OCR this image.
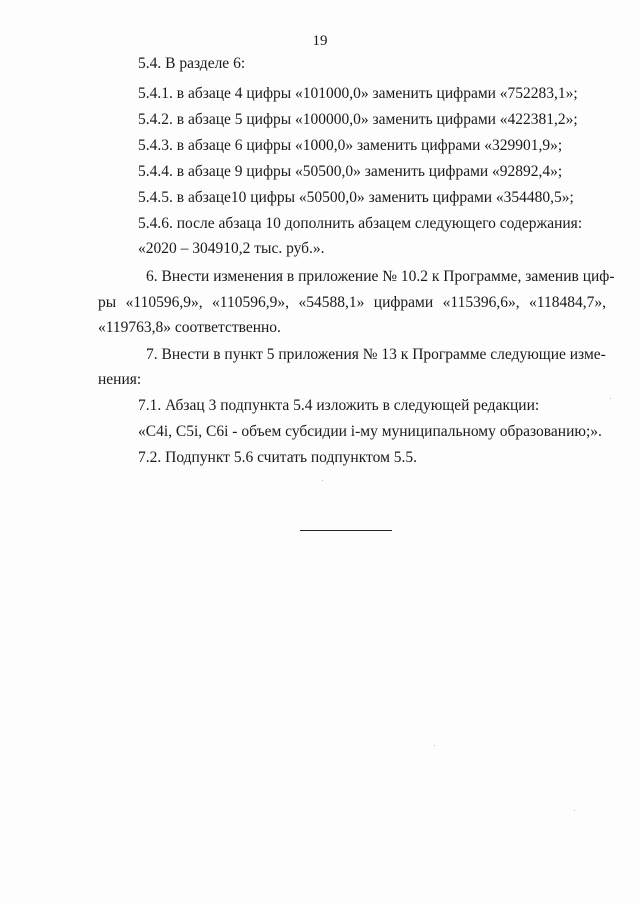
19
5.4. В разделе 6:
5.4.1. в абзаце 4 цифры «101000,0» заменить цифрами «752283,1»;
5.4.2. в абзаце 5 цифры «100000,0» заменить цифрами «422381,2»;
5.4.3. в абзаце 6 цифры «1000,0» заменить цифрами «329901,9»;
5.4.4. в абзаце 9 цифры «50500,0» заменить цифрами «92892,4»;
5.4.5. в абзаце10 цифры «50500,0» заменить цифрами «354480,5»;
5.4.6. после абзаца 10 дополнить абзацем следующего содержания:
«2020 – 304910,2 тыс. руб.».
6. Внести изменения в приложение № 10.2 к Программе, заменив циф-
ры «110596,9», «110596,9», «54588,1» цифрами «115396,6», «118484,7»,
«119763,8» соответственно.
7. Внести в пункт 5 приложения № 13 к Программе следующие изме-
нения:
7.1. Абзац 3 подпункта 5.4 изложить в следующей редакции:
«C4i, C5i, C6i - объем субсидии i-му муниципальному образованию;».
7.2. Подпункт 5.6 считать подпунктом 5.5.
